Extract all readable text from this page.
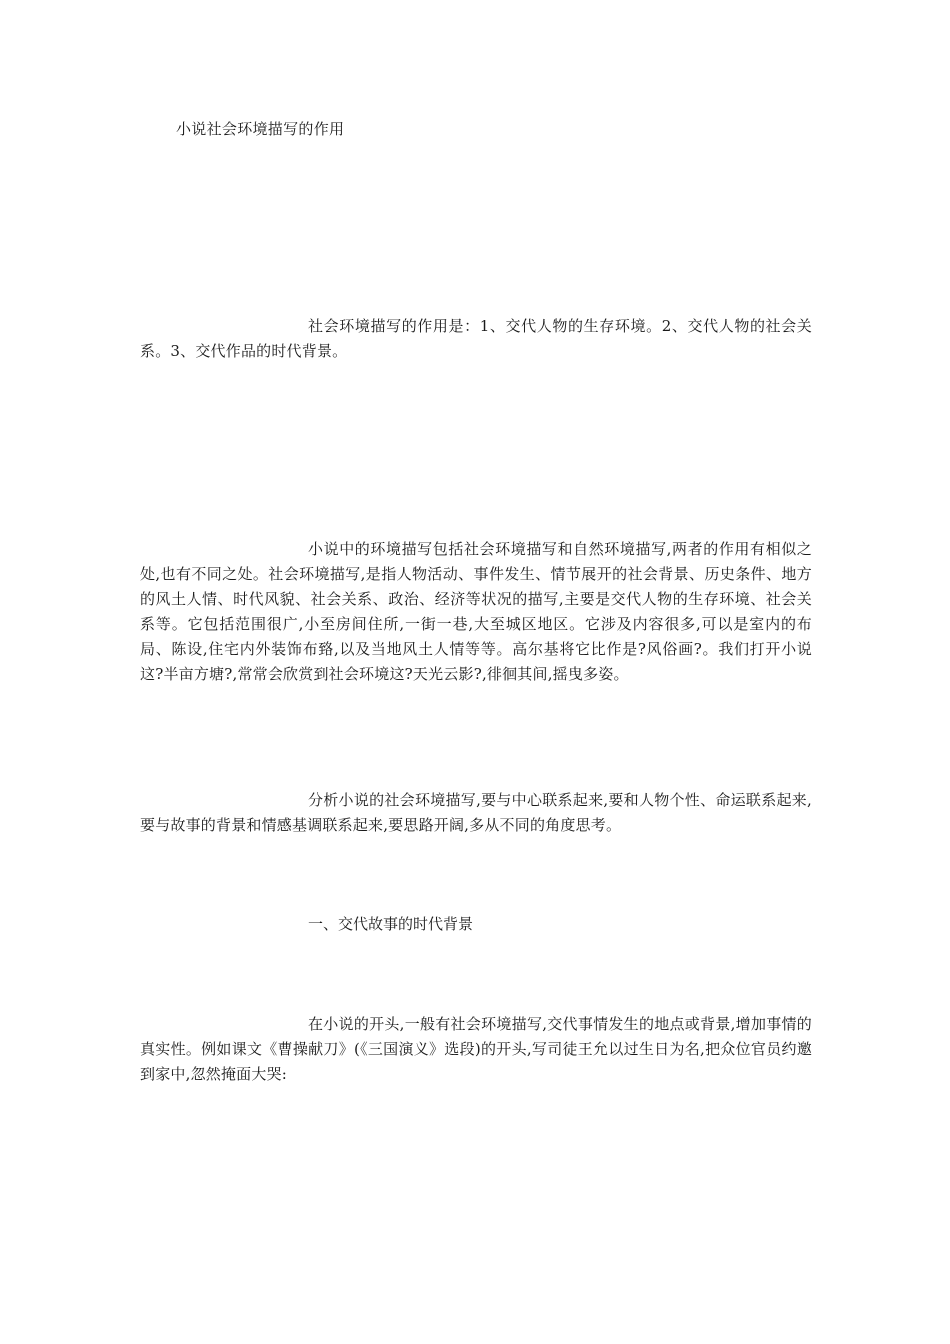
小说社会环境描写的作用

社会环境描写的作用是：1、交代人物的生存环境。2、交代人物的社会关系。3、交代作品的时代背景。

小说中的环境描写包括社会环境描写和自然环境描写,两者的作用有相似之处,也有不同之处。社会环境描写,是指人物活动、事件发生、情节展开的社会背景、历史条件、地方的风土人情、时代风貌、社会关系、政治、经济等状况的描写,主要是交代人物的生存环境、社会关系等。它包括范围很广,小至房间住所,一街一巷,大至城区地区。它涉及内容很多,可以是室内的布局、陈设,住宅内外装饰布臵,以及当地风土人情等等。高尔基将它比作是?风俗画?。我们打开小说这?半亩方塘?,常常会欣赏到社会环境这?天光云影?,徘徊其间,摇曳多姿。

分析小说的社会环境描写,要与中心联系起来,要和人物个性、命运联系起来,要与故事的背景和情感基调联系起来,要思路开阔,多从不同的角度思考。

一、交代故事的时代背景

在小说的开头,一般有社会环境描写,交代事情发生的地点或背景,增加事情的真实性。例如课文《曹操献刀》(《三国演义》选段)的开头,写司徒王允以过生日为名,把众位官员约邀到家中,忽然掩面大哭:
